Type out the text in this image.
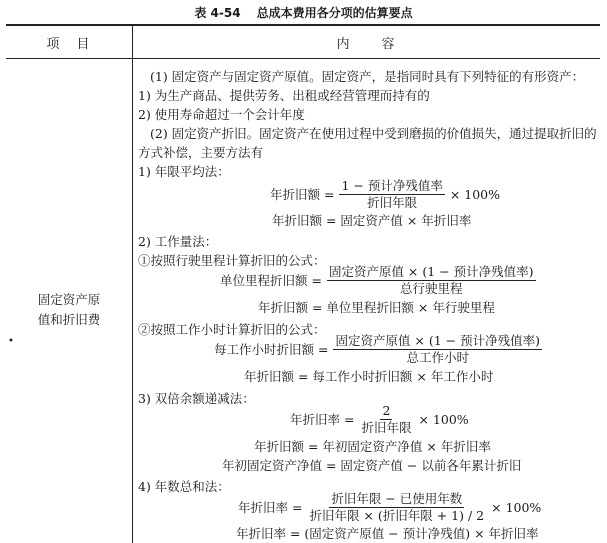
表 4-54 总成本费用各分项的估算要点
项　目	内　　容
固定资产原
值和折旧费
•
(1) 固定资产与固定资产原值。固定资产，是指同时具有下列特征的有形资产：
1) 为生产商品、提供劳务、出租或经营管理而持有的
2) 使用寿命超过一个会计年度
(2) 固定资产折旧。固定资产在使用过程中受到磨损的价值损失，通过提取折旧的
方式补偿，主要方法有
1) 年限平均法：
年折旧额 = $\frac{\text{1 − 预计净残值率}}{\text{折旧年限}} \times 100\%$
年折旧额 = 固定资产值 × 年折旧率
2) 工作量法：
①按照行驶里程计算折旧的公式：
单位里程折旧额 = $\frac{\text{固定资产原值 × (1 − 预计净残值率)}}{\text{总行驶里程}}$
年折旧额 = 单位里程折旧额 × 年行驶里程
②按照工作小时计算折旧的公式：
每工作小时折旧额 = $\frac{\text{固定资产原值 × (1 − 预计净残值率)}}{\text{总工作小时}}$
年折旧额 = 每工作小时折旧额 × 年工作小时
3) 双倍余额递减法：
年折旧率 = $\frac{2}{\text{折旧年限}} \times 100\%$
年折旧额 = 年初固定资产净值 × 年折旧率
年初固定资产净值 = 固定资产值 − 以前各年累计折旧
4) 年数总和法：
年折旧率 = $\frac{\text{折旧年限 − 已使用年数}}{\text{折旧年限 × (折旧年限 + 1) / 2}} \times 100\%$
年折旧率 = (固定资产原值 − 预计净残值) × 年折旧率
